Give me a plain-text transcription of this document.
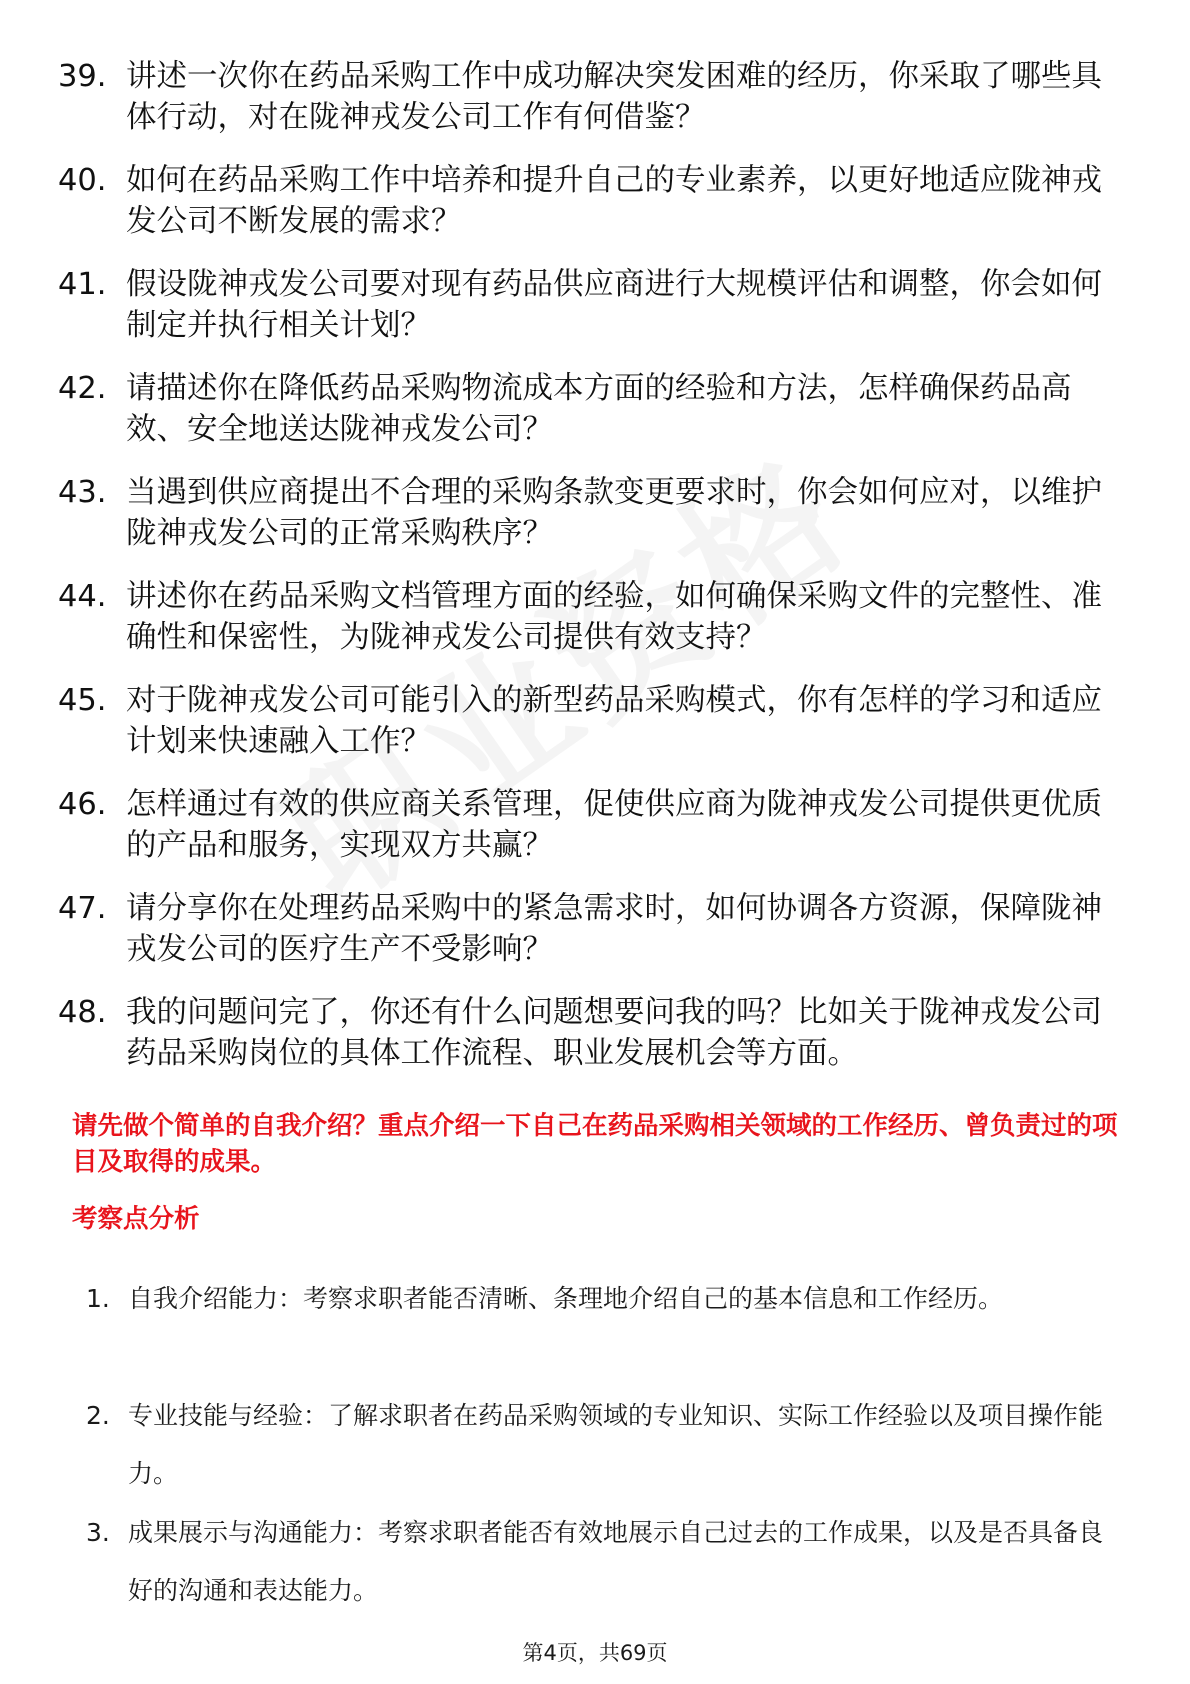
39. 讲述一次你在药品采购工作中成功解决突发困难的经历，你采取了哪些具体行动，对在陇神戎发公司工作有何借鉴？
40. 如何在药品采购工作中培养和提升自己的专业素养，以更好地适应陇神戎发公司不断发展的需求？
41. 假设陇神戎发公司要对现有药品供应商进行大规模评估和调整，你会如何制定并执行相关计划？
42. 请描述你在降低药品采购物流成本方面的经验和方法，怎样确保药品高效、安全地送达陇神戎发公司？
43. 当遇到供应商提出不合理的采购条款变更要求时，你会如何应对，以维护陇神戎发公司的正常采购秩序？
44. 讲述你在药品采购文档管理方面的经验，如何确保采购文件的完整性、准确性和保密性，为陇神戎发公司提供有效支持？
45. 对于陇神戎发公司可能引入的新型药品采购模式，你有怎样的学习和适应计划来快速融入工作？
46. 怎样通过有效的供应商关系管理，促使供应商为陇神戎发公司提供更优质的产品和服务，实现双方共赢？
47. 请分享你在处理药品采购中的紧急需求时，如何协调各方资源，保障陇神戎发公司的医疗生产不受影响？
48. 我的问题问完了，你还有什么问题想要问我的吗？比如关于陇神戎发公司药品采购岗位的具体工作流程、职业发展机会等方面。
请先做个简单的自我介绍？重点介绍一下自己在药品采购相关领域的工作经历、曾负责过的项目及取得的成果。
考察点分析
1. 自我介绍能力：考察求职者能否清晰、条理地介绍自己的基本信息和工作经历。
2. 专业技能与经验：了解求职者在药品采购领域的专业知识、实际工作经验以及项目操作能力。
3. 成果展示与沟通能力：考察求职者能否有效地展示自己过去的工作成果，以及是否具备良好的沟通和表达能力。
第4页，共69页
